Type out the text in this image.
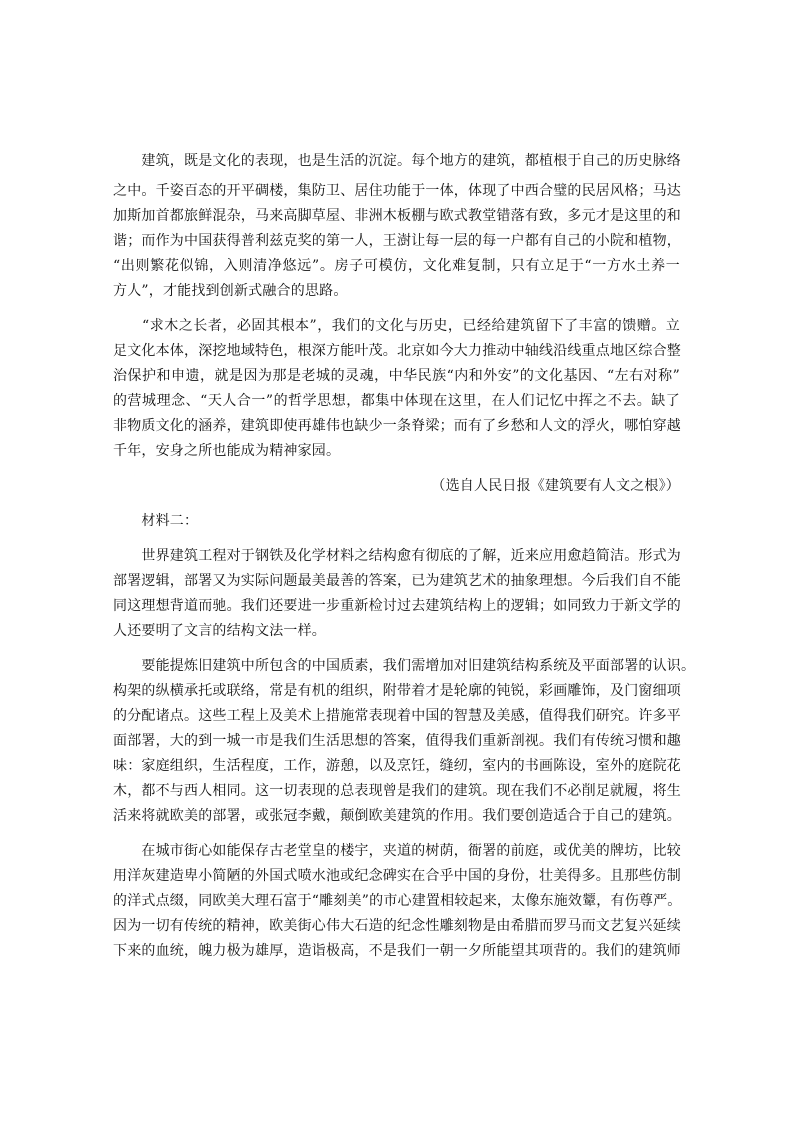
　　建筑，既是文化的表现，也是生活的沉淀。每个地方的建筑，都植根于自己的历史脉络
之中。千姿百态的开平碉楼，集防卫、居住功能于一体，体现了中西合璧的民居风格；马达
加斯加首都旅鲜混杂，马来高脚草屋、非洲木板棚与欧式教堂错落有致，多元才是这里的和
谐；而作为中国获得普利兹克奖的第一人，王澍让每一层的每一户都有自己的小院和植物，
“出则繁花似锦，入则清净悠远”。房子可模仿，文化难复制，只有立足于“一方水土养一
方人”，才能找到创新式融合的思路。
　　“求木之长者，必固其根本”，我们的文化与历史，已经给建筑留下了丰富的馈赠。立
足文化本体，深挖地域特色，根深方能叶茂。北京如今大力推动中轴线沿线重点地区综合整
治保护和申遗，就是因为那是老城的灵魂，中华民族“内和外安”的文化基因、“左右对称”
的营城理念、“天人合一”的哲学思想，都集中体现在这里，在人们记忆中挥之不去。缺了
非物质文化的涵养，建筑即使再雄伟也缺少一条脊梁；而有了乡愁和人文的浮火，哪怕穿越
千年，安身之所也能成为精神家园。
（选自人民日报《建筑要有人文之根》）
　　材料二：
　　世界建筑工程对于钢铁及化学材料之结构愈有彻底的了解，近来应用愈趋简洁。形式为
部署逻辑，部署又为实际问题最美最善的答案，已为建筑艺术的抽象理想。今后我们自不能
同这理想背道而驰。我们还要进一步重新检讨过去建筑结构上的逻辑；如同致力于新文学的
人还要明了文言的结构文法一样。
　　要能提炼旧建筑中所包含的中国质素，我们需增加对旧建筑结构系统及平面部署的认识。
构架的纵横承托或联络，常是有机的组织，附带着才是轮廓的钝锐，彩画雕饰，及门窗细项
的分配诸点。这些工程上及美术上措施常表现着中国的智慧及美感，值得我们研究。许多平
面部署，大的到一城一市是我们生活思想的答案，值得我们重新剖视。我们有传统习惯和趣
味：家庭组织，生活程度，工作，游憩，以及烹饪，缝纫，室内的书画陈设，室外的庭院花
木，都不与西人相同。这一切表现的总表现曾是我们的建筑。现在我们不必削足就履，将生
活来将就欧美的部署，或张冠李戴，颠倒欧美建筑的作用。我们要创造适合于自己的建筑。
　　在城市街心如能保存古老堂皇的楼宇，夹道的树荫，衙署的前庭，或优美的牌坊，比较
用洋灰建造卑小简陋的外国式喷水池或纪念碑实在合乎中国的身份，壮美得多。且那些仿制
的洋式点缀，同欧美大理石富于“雕刻美”的市心建置相较起来，太像东施效颦，有伤尊严。
因为一切有传统的精神，欧美街心伟大石造的纪念性雕刻物是由希腊而罗马而文艺复兴延续
下来的血统，魄力极为雄厚，造诣极高，不是我们一朝一夕所能望其项背的。我们的建筑师
